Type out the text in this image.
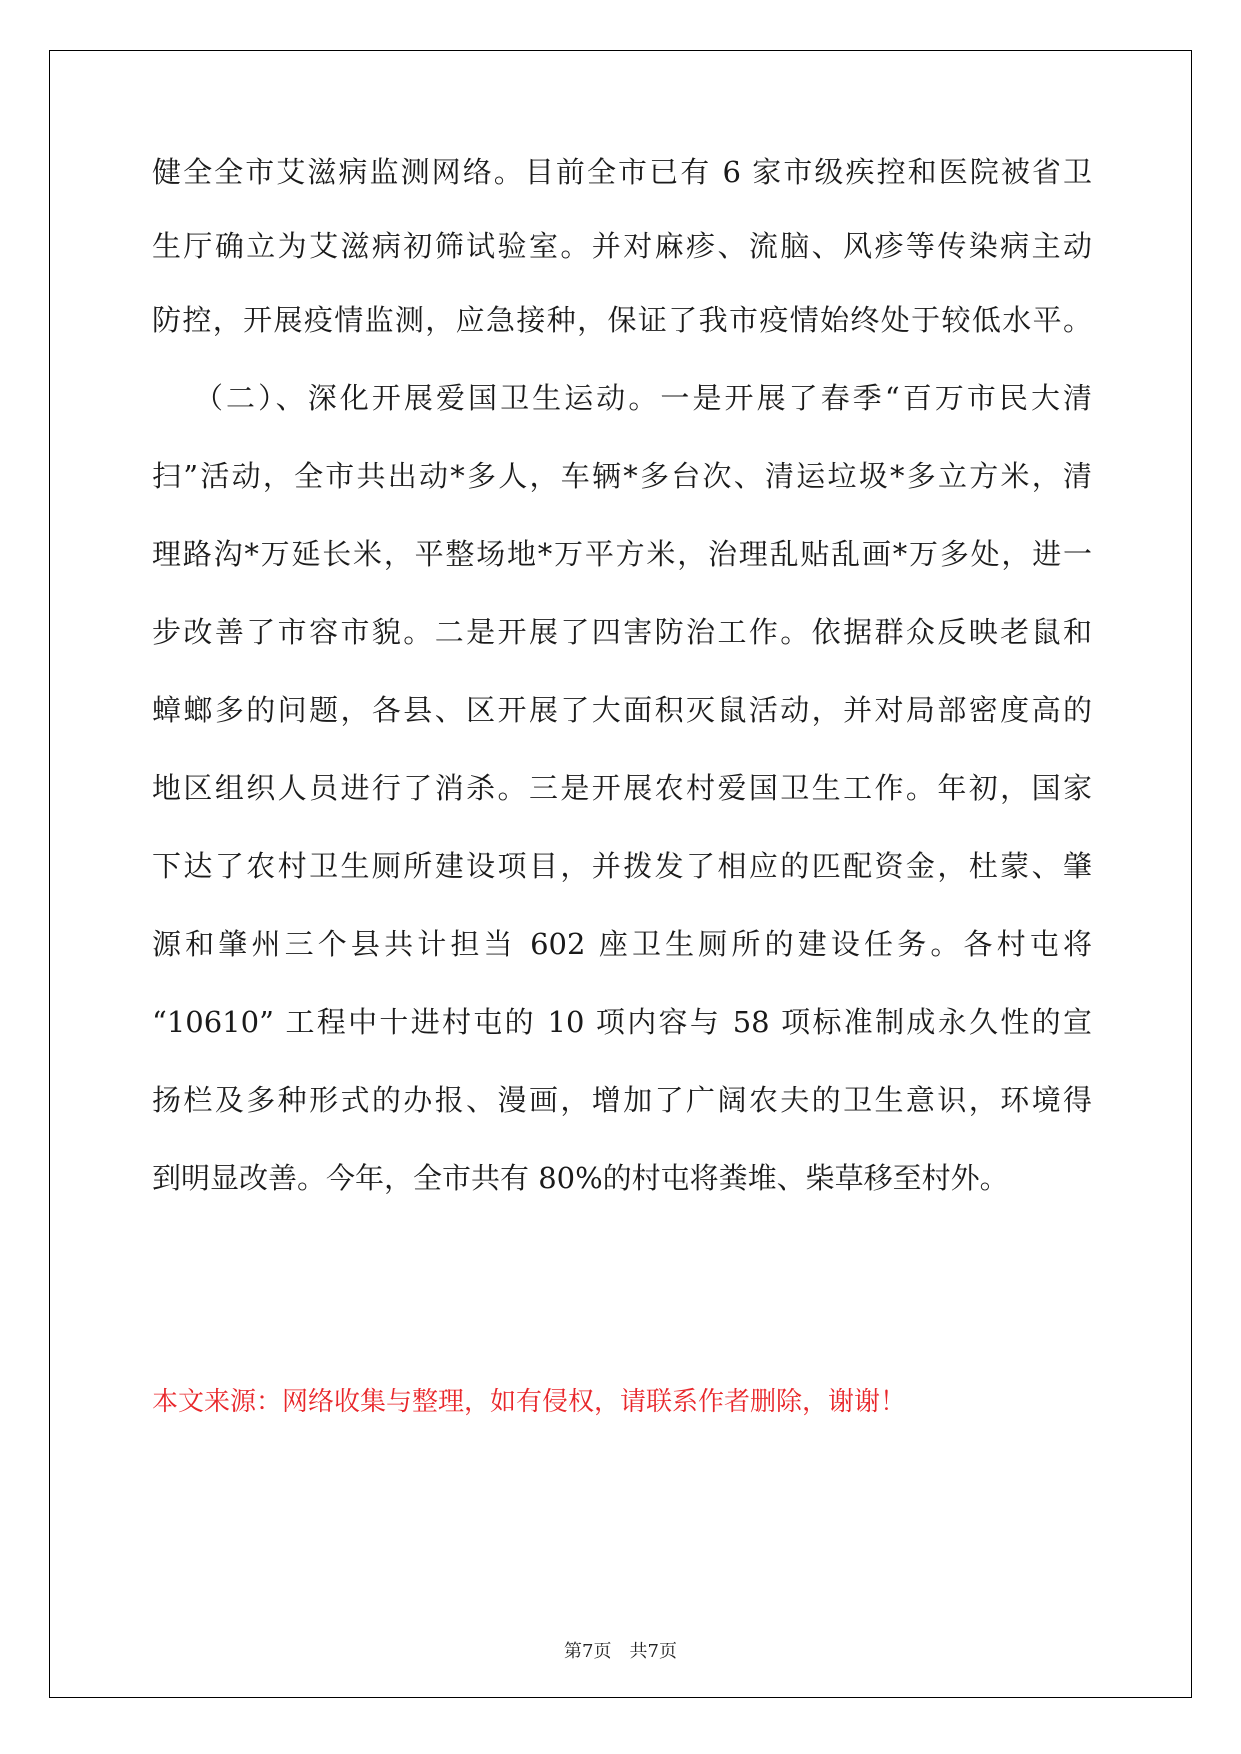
健全全市艾滋病监测网络。目前全市已有 6 家市级疾控和医院被省卫
生厅确立为艾滋病初筛试验室。并对麻疹、流脑、风疹等传染病主动
防控，开展疫情监测，应急接种，保证了我市疫情始终处于较低水平。
（二）、深化开展爱国卫生运动。一是开展了春季“百万市民大清
扫”活动，全市共出动*多人，车辆*多台次、清运垃圾*多立方米，清
理路沟*万延长米，平整场地*万平方米，治理乱贴乱画*万多处，进一
步改善了市容市貌。二是开展了四害防治工作。依据群众反映老鼠和
蟑螂多的问题，各县、区开展了大面积灭鼠活动，并对局部密度高的
地区组织人员进行了消杀。三是开展农村爱国卫生工作。年初，国家
下达了农村卫生厕所建设项目，并拨发了相应的匹配资金，杜蒙、肇
源和肇州三个县共计担当 602 座卫生厕所的建设任务。各村屯将
“10610” 工程中十进村屯的 10 项内容与 58 项标准制成永久性的宣
扬栏及多种形式的办报、漫画，增加了广阔农夫的卫生意识，环境得
到明显改善。今年，全市共有 80%的村屯将粪堆、柴草移至村外。
本文来源：网络收集与整理，如有侵权，请联系作者删除，谢谢！
第7页　共7页
